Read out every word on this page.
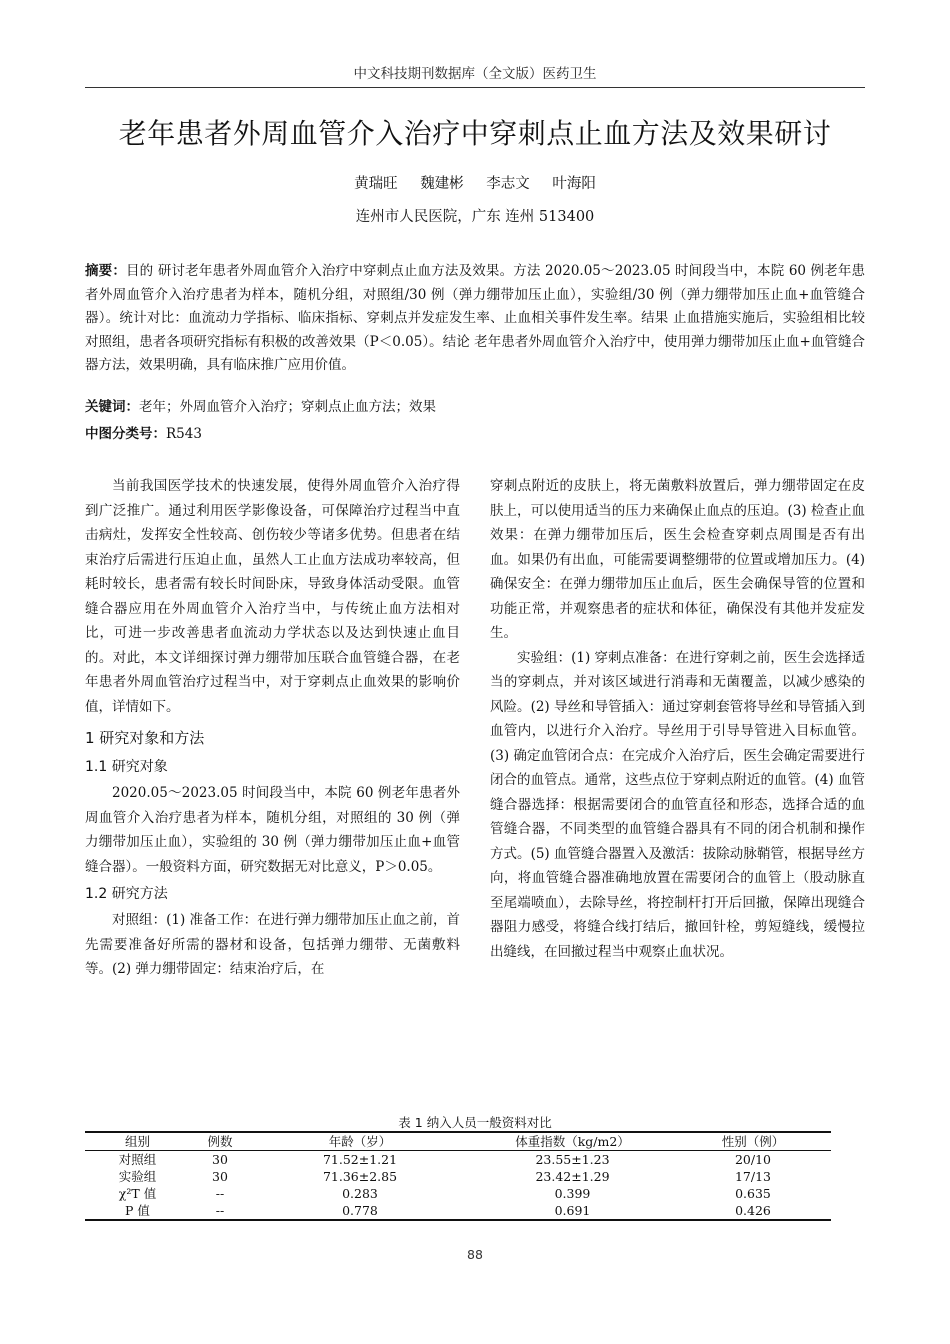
中文科技期刊数据库（全文版）医药卫生
老年患者外周血管介入治疗中穿刺点止血方法及效果研讨
黄瑞旺 魏建彬 李志文 叶海阳
连州市人民医院，广东 连州 513400
摘要：目的 研讨老年患者外周血管介入治疗中穿刺点止血方法及效果。方法 2020.05～2023.05 时间段当中，本院 60 例老年患者外周血管介入治疗患者为样本，随机分组，对照组/30 例（弹力绷带加压止血），实验组/30 例（弹力绷带加压止血+血管缝合器）。统计对比：血流动力学指标、临床指标、穿刺点并发症发生率、止血相关事件发生率。结果 止血措施实施后，实验组相比较对照组，患者各项研究指标有积极的改善效果（P＜0.05）。结论 老年患者外周血管介入治疗中，使用弹力绷带加压止血+血管缝合器方法，效果明确，具有临床推广应用价值。
关键词：老年；外周血管介入治疗；穿刺点止血方法；效果
中图分类号：R543

当前我国医学技术的快速发展，使得外周血管介入治疗得到广泛推广。通过利用医学影像设备，可保障治疗过程当中直击病灶，发挥安全性较高、创伤较少等诸多优势。但患者在结束治疗后需进行压迫止血，虽然人工止血方法成功率较高，但耗时较长，患者需有较长时间卧床，导致身体活动受限。血管缝合器应用在外周血管介入治疗当中，与传统止血方法相对比，可进一步改善患者血流动力学状态以及达到快速止血目的。对此，本文详细探讨弹力绷带加压联合血管缝合器，在老年患者外周血管治疗过程当中，对于穿刺点止血效果的影响价值，详情如下。

1 研究对象和方法
1.1 研究对象

2020.05～2023.05 时间段当中，本院 60 例老年患者外周血管介入治疗患者为样本，随机分组，对照组的 30 例（弹力绷带加压止血），实验组的 30 例（弹力绷带加压止血+血管缝合器）。一般资料方面，研究数据无对比意义，P＞0.05。

1.2 研究方法

对照组：(1) 准备工作：在进行弹力绷带加压止血之前，首先需要准备好所需的器材和设备，包括弹力绷带、无菌敷料等。(2) 弹力绷带固定：结束治疗后，在

穿刺点附近的皮肤上，将无菌敷料放置后，弹力绷带固定在皮肤上，可以使用适当的压力来确保止血点的压迫。(3) 检查止血效果：在弹力绷带加压后，医生会检查穿刺点周围是否有出血。如果仍有出血，可能需要调整绷带的位置或增加压力。(4) 确保安全：在弹力绷带加压止血后，医生会确保导管的位置和功能正常，并观察患者的症状和体征，确保没有其他并发症发生。

实验组：(1) 穿刺点准备：在进行穿刺之前，医生会选择适当的穿刺点，并对该区域进行消毒和无菌覆盖，以减少感染的风险。(2) 导丝和导管插入：通过穿刺套管将导丝和导管插入到血管内，以进行介入治疗。导丝用于引导导管进入目标血管。(3) 确定血管闭合点：在完成介入治疗后，医生会确定需要进行闭合的血管点。通常，这些点位于穿刺点附近的血管。(4) 血管缝合器选择：根据需要闭合的血管直径和形态，选择合适的血管缝合器，不同类型的血管缝合器具有不同的闭合机制和操作方式。(5) 血管缝合器置入及激活：拔除动脉鞘管，根据导丝方向，将血管缝合器准确地放置在需要闭合的血管上（股动脉直至尾端喷血），去除导丝，将控制杆打开后回撤，保障出现缝合器阻力感受，将缝合线打结后，撤回针栓，剪短缝线，缓慢拉出缝线，在回撤过程当中观察止血状况。

表 1 纳入人员一般资料对比
组别	例数	年龄（岁）	体重指数（kg/m2）	性别（例）
对照组	30	71.52±1.21	23.55±1.23	20/10
实验组	30	71.36±2.85	23.42±1.29	17/13
χ²T 值	--	0.283	0.399	0.635
P 值	--	0.778	0.691	0.426
88
